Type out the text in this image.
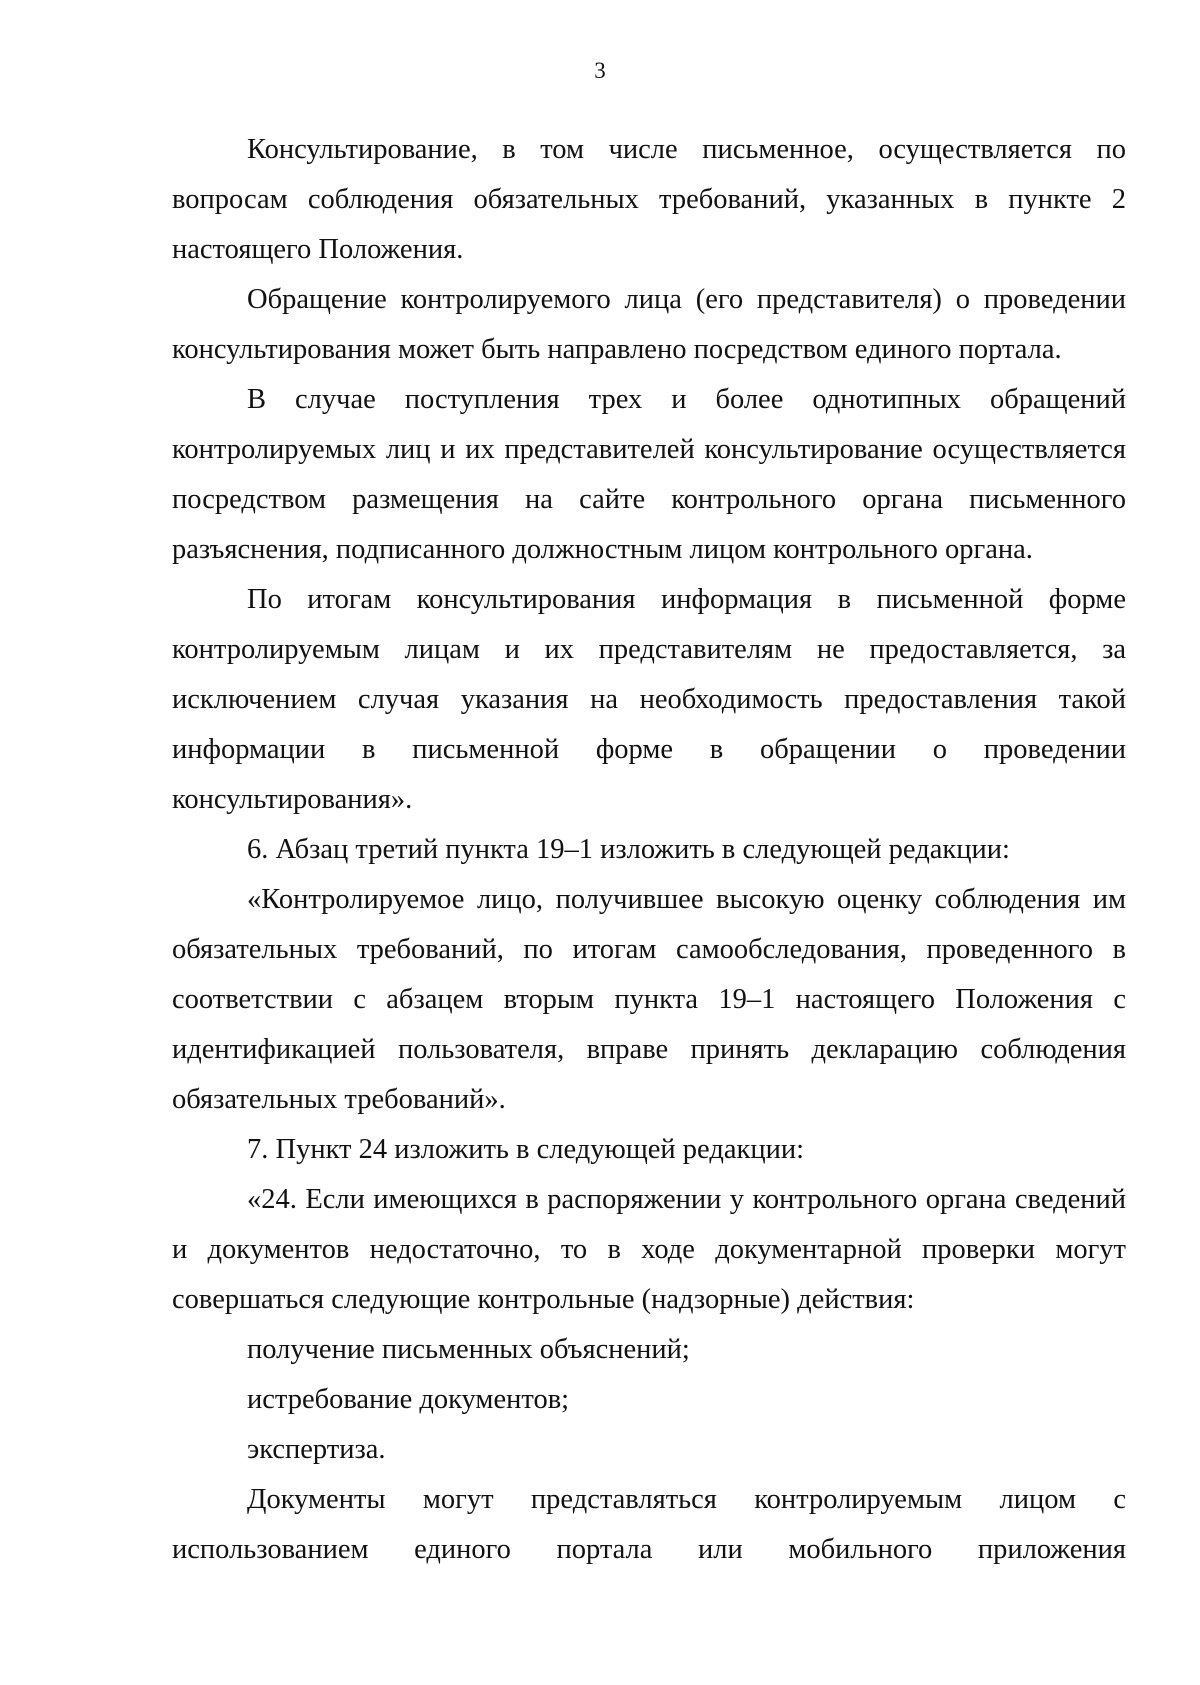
3

Консультирование, в том числе письменное, осуществляется по вопросам соблюдения обязательных требований, указанных в пункте 2 настоящего Положения.

Обращение контролируемого лица (его представителя) о проведении консультирования может быть направлено посредством единого портала.

В случае поступления трех и более однотипных обращений контролируемых лиц и их представителей консультирование осуществляется посредством размещения на сайте контрольного органа письменного разъяснения, подписанного должностным лицом контрольного органа.

По итогам консультирования информация в письменной форме контролируемым лицам и их представителям не предоставляется, за исключением случая указания на необходимость предоставления такой информации в письменной форме в обращении о проведении консультирования».

6. Абзац третий пункта 19–1 изложить в следующей редакции:

«Контролируемое лицо, получившее высокую оценку соблюдения им обязательных требований, по итогам самообследования, проведенного в соответствии с абзацем вторым пункта 19–1 настоящего Положения с идентификацией пользователя, вправе принять декларацию соблюдения обязательных требований».

7. Пункт 24 изложить в следующей редакции:

«24. Если имеющихся в распоряжении у контрольного органа сведений и документов недостаточно, то в ходе документарной проверки могут совершаться следующие контрольные (надзорные) действия:

получение письменных объяснений;

истребование документов;

экспертиза.

Документы могут представляться контролируемым лицом с использованием единого портала или мобильного приложения
